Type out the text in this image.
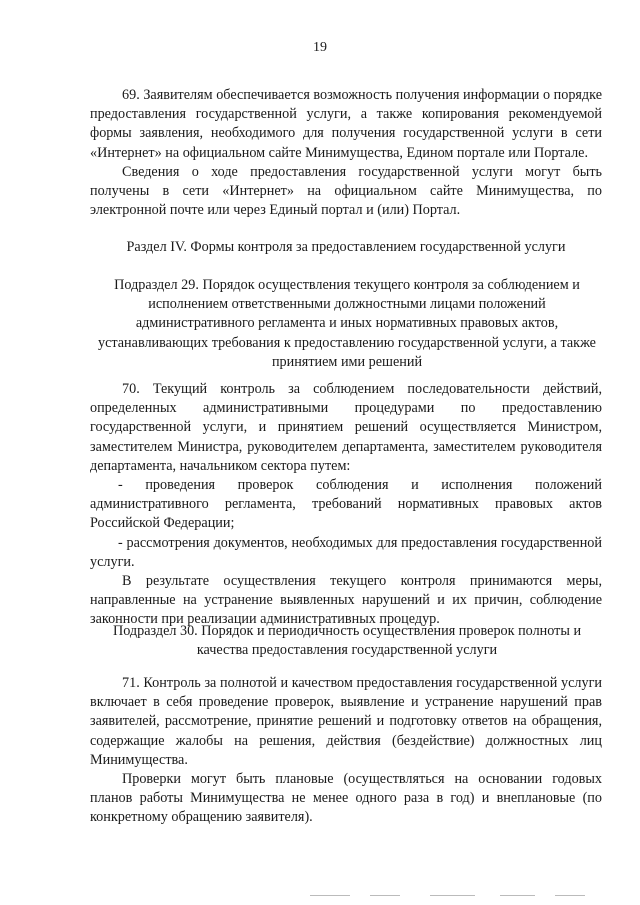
19

69. Заявителям обеспечивается возможность получения информации о порядке предоставления государственной услуги, а также копирования рекомендуемой формы заявления, необходимого для получения государственной услуги в сети «Интернет» на официальном сайте Минимущества, Едином портале или Портале.

Сведения о ходе предоставления государственной услуги могут быть получены в сети «Интернет» на официальном сайте Минимущества, по электронной почте или через Единый портал и (или) Портал.

Раздел IV. Формы контроля за предоставлением государственной услуги

Подраздел 29. Порядок осуществления текущего контроля за соблюдением и исполнением ответственными должностными лицами положений административного регламента и иных нормативных правовых актов, устанавливающих требования к предоставлению государственной услуги, а также принятием ими решений

70. Текущий контроль за соблюдением последовательности действий, определенных административными процедурами по предоставлению государственной услуги, и принятием решений осуществляется Министром, заместителем Министра, руководителем департамента, заместителем руководителя департамента, начальником сектора путем:

- проведения проверок соблюдения и исполнения положений административного регламента, требований нормативных правовых актов Российской Федерации;

- рассмотрения документов, необходимых для предоставления государственной услуги.

В результате осуществления текущего контроля принимаются меры, направленные на устранение выявленных нарушений и их причин, соблюдение законности при реализации административных процедур.

Подраздел 30. Порядок и периодичность осуществления проверок полноты и качества предоставления государственной услуги

71. Контроль за полнотой и качеством предоставления государственной услуги включает в себя проведение проверок, выявление и устранение нарушений прав заявителей, рассмотрение, принятие решений и подготовку ответов на обращения, содержащие жалобы на решения, действия (бездействие) должностных лиц Минимущества.

Проверки могут быть плановые (осуществляться на основании годовых планов работы Минимущества не менее одного раза в год) и внеплановые (по конкретному обращению заявителя).
